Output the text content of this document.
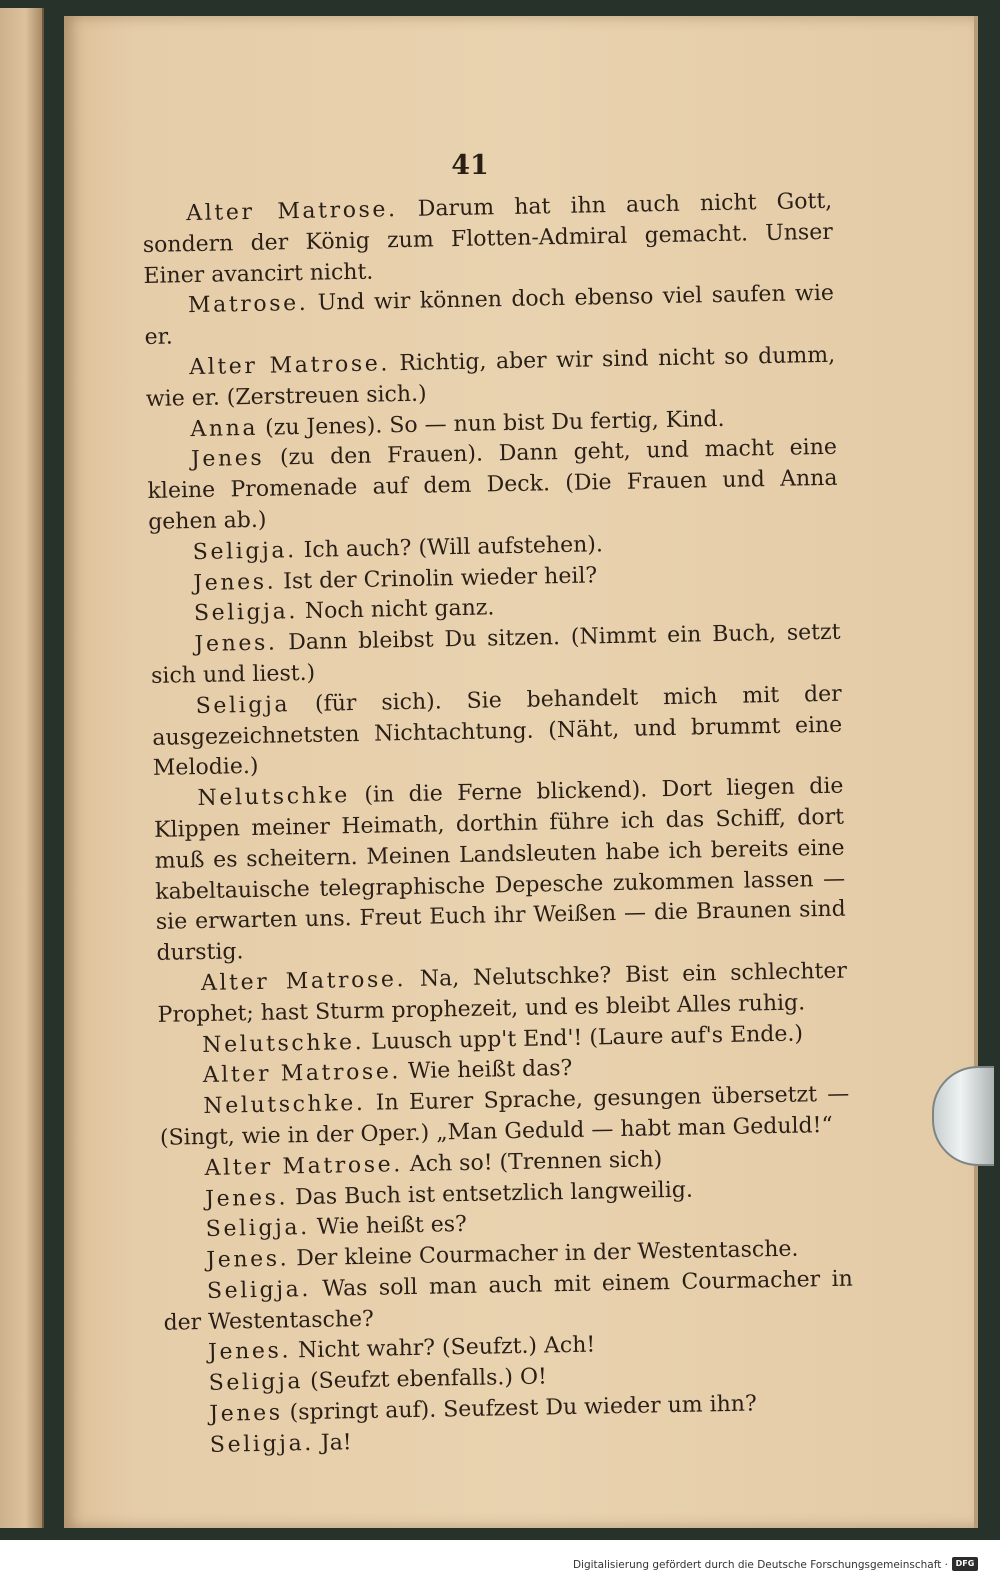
41

Alter Matrose. Darum hat ihn auch nicht Gott, sondern der König zum Flotten-Admiral gemacht. Unser Einer avancirt nicht.

Matrose. Und wir können doch ebenso viel saufen wie er.

Alter Matrose. Richtig, aber wir sind nicht so dumm, wie er. (Zerstreuen sich.)

Anna (zu Jenes). So — nun bist Du fertig, Kind.

Jenes (zu den Frauen). Dann geht, und macht eine kleine Promenade auf dem Deck. (Die Frauen und Anna gehen ab.)

Seligja. Ich auch? (Will aufstehen).

Jenes. Ist der Crinolin wieder heil?

Seligja. Noch nicht ganz.

Jenes. Dann bleibst Du sitzen. (Nimmt ein Buch, setzt sich und liest.)

Seligja (für sich). Sie behandelt mich mit der ausgezeichnetsten Nichtachtung. (Näht, und brummt eine Melodie.)

Nelutschke (in die Ferne blickend). Dort liegen die Klippen meiner Heimath, dorthin führe ich das Schiff, dort muß es scheitern. Meinen Landsleuten habe ich bereits eine kabeltauische telegraphische Depesche zukommen lassen — sie erwarten uns. Freut Euch ihr Weißen — die Braunen sind durstig.

Alter Matrose. Na, Nelutschke? Bist ein schlechter Prophet; hast Sturm prophezeit, und es bleibt Alles ruhig.

Nelutschke. Luusch upp't End'! (Laure auf's Ende.)

Alter Matrose. Wie heißt das?

Nelutschke. In Eurer Sprache, gesungen übersetzt — (Singt, wie in der Oper.) „Man Geduld — habt man Geduld!“

Alter Matrose. Ach so! (Trennen sich)

Jenes. Das Buch ist entsetzlich langweilig.

Seligja. Wie heißt es?

Jenes. Der kleine Courmacher in der Westentasche.

Seligja. Was soll man auch mit einem Courmacher in der Westentasche?

Jenes. Nicht wahr? (Seufzt.) Ach!

Seligja (Seufzt ebenfalls.) O!

Jenes (springt auf). Seufzest Du wieder um ihn?

Seligja. Ja!

Digitalisierung gefördert durch die Deutsche Forschungsgemeinschaft · DFG
